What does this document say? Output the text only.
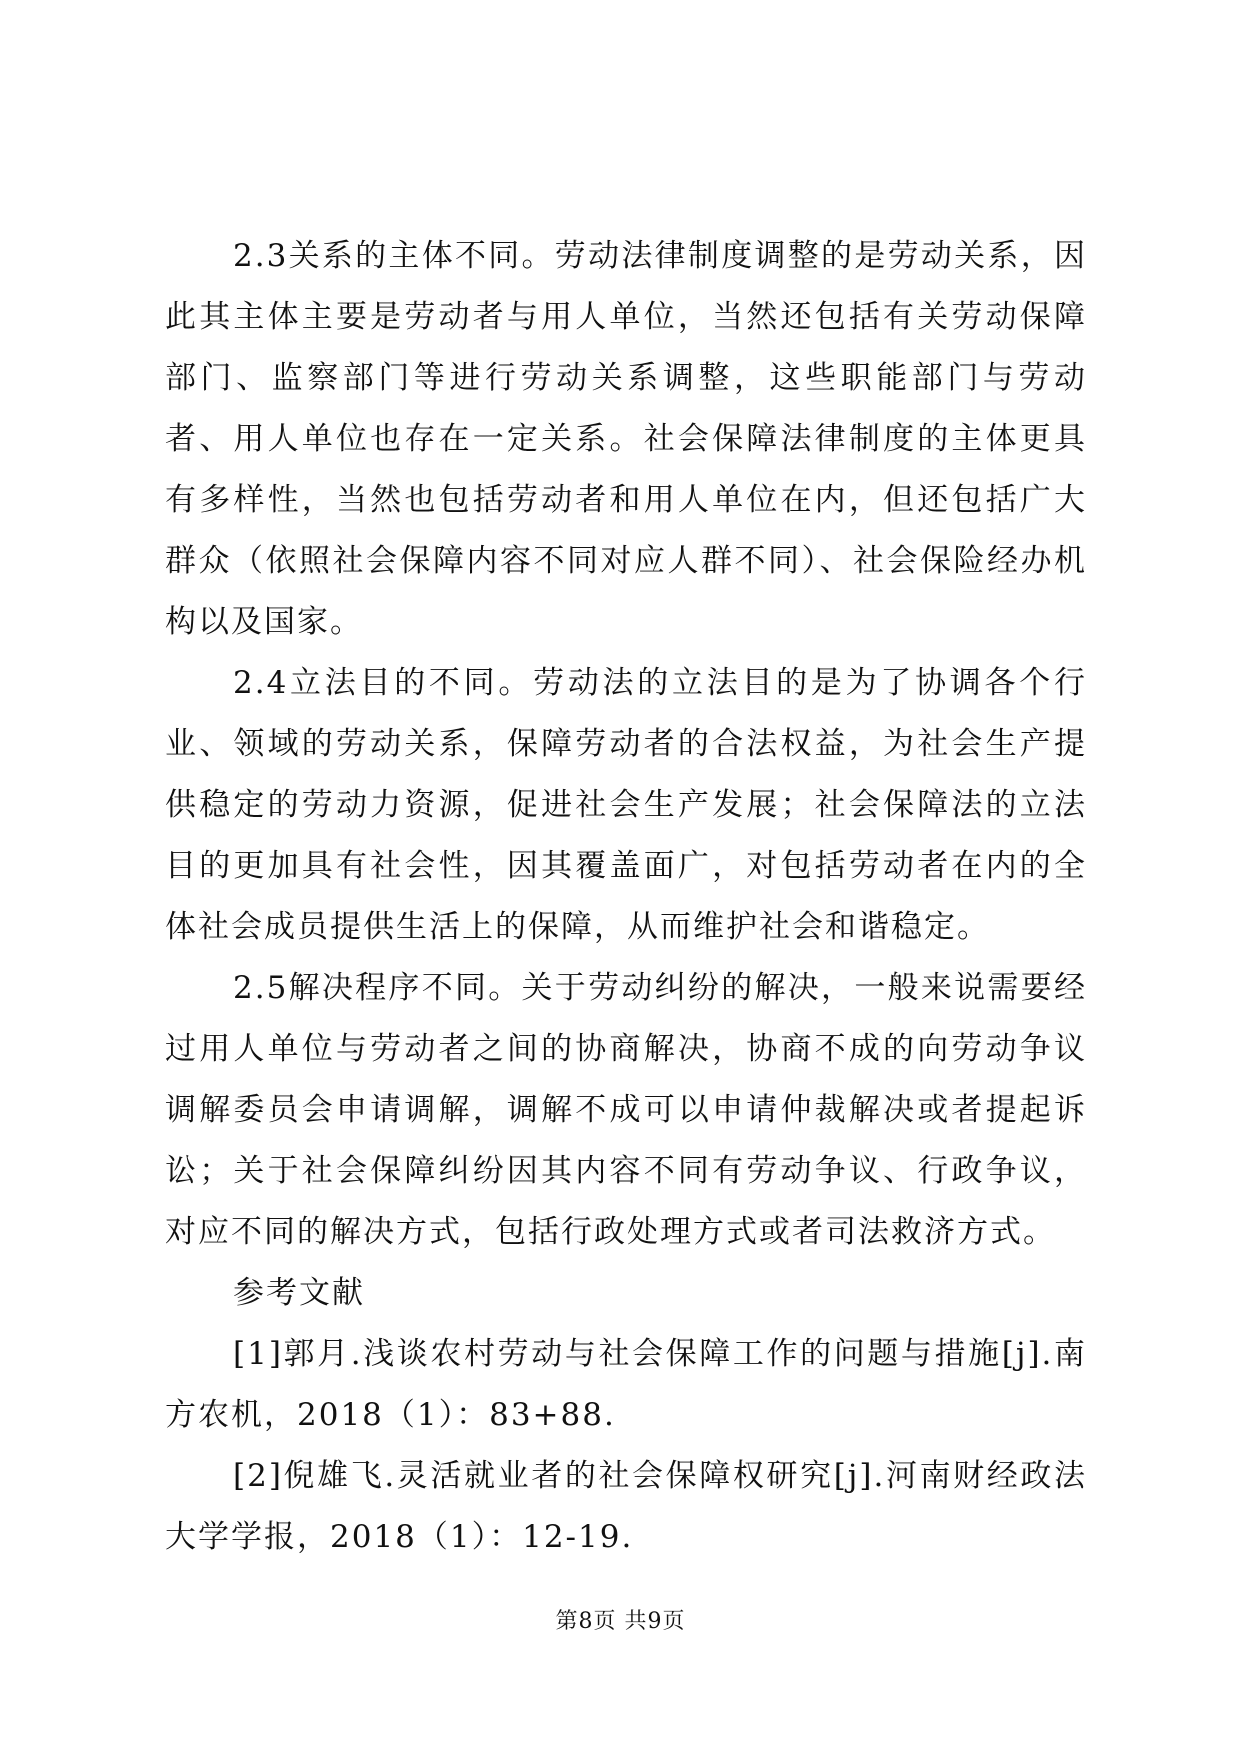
2.3关系的主体不同。劳动法律制度调整的是劳动关系，因此其主体主要是劳动者与用人单位，当然还包括有关劳动保障部门、监察部门等进行劳动关系调整，这些职能部门与劳动者、用人单位也存在一定关系。社会保障法律制度的主体更具有多样性，当然也包括劳动者和用人单位在内，但还包括广大群众（依照社会保障内容不同对应人群不同）、社会保险经办机构以及国家。

2.4立法目的不同。劳动法的立法目的是为了协调各个行业、领域的劳动关系，保障劳动者的合法权益，为社会生产提供稳定的劳动力资源，促进社会生产发展；社会保障法的立法目的更加具有社会性，因其覆盖面广，对包括劳动者在内的全体社会成员提供生活上的保障，从而维护社会和谐稳定。

2.5解决程序不同。关于劳动纠纷的解决，一般来说需要经过用人单位与劳动者之间的协商解决，协商不成的向劳动争议调解委员会申请调解，调解不成可以申请仲裁解决或者提起诉讼；关于社会保障纠纷因其内容不同有劳动争议、行政争议，对应不同的解决方式，包括行政处理方式或者司法救济方式。

参考文献

[1]郭月.浅谈农村劳动与社会保障工作的问题与措施[j].南方农机，2018（1）：83+88.

[2]倪雄飞.灵活就业者的社会保障权研究[j].河南财经政法大学学报，2018（1）：12-19.

第8页 共9页
